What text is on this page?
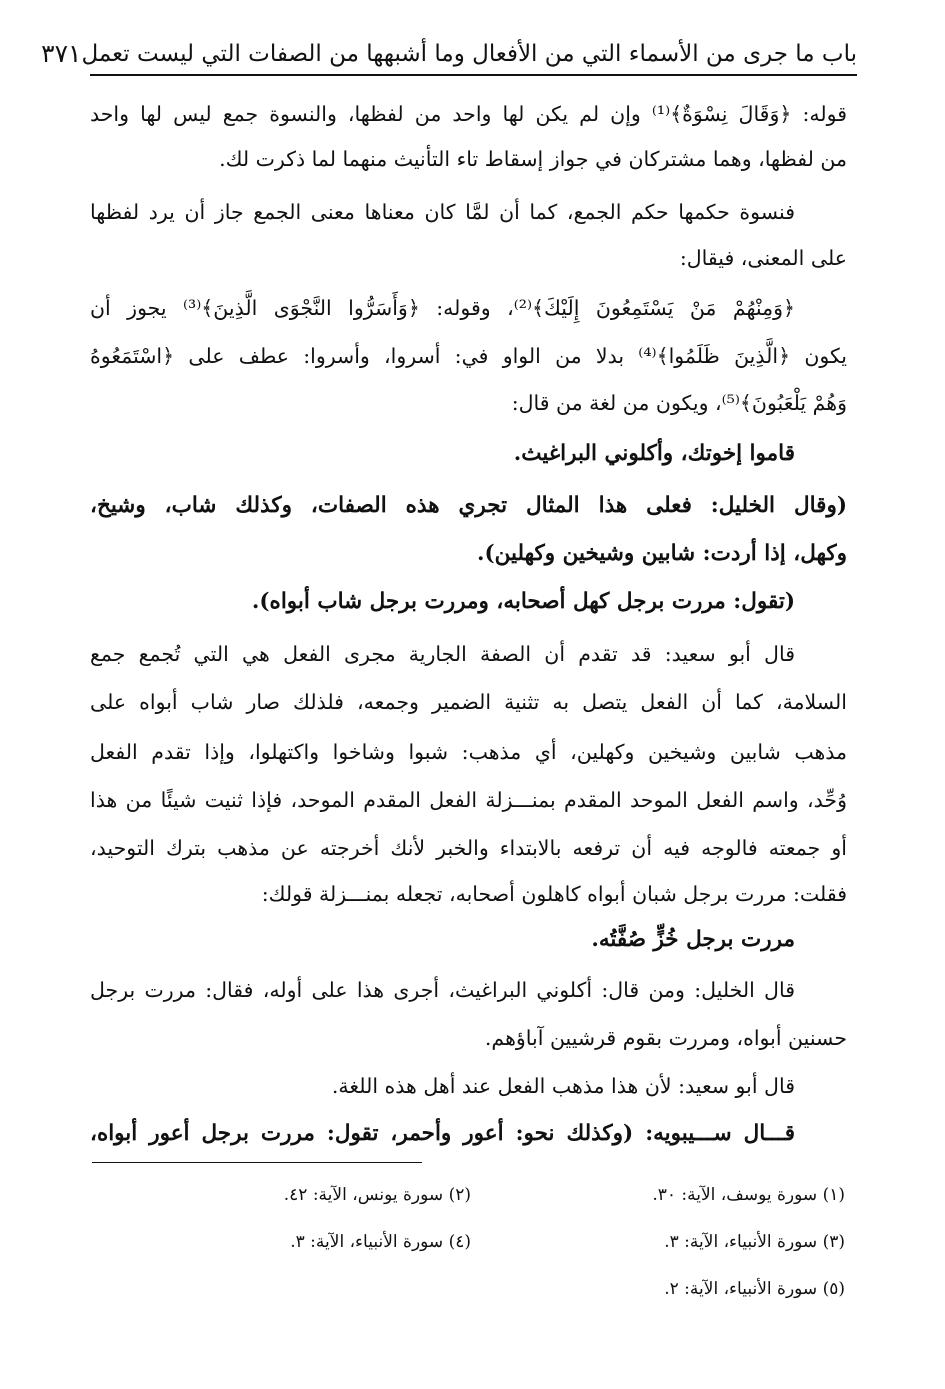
باب ما جرى من الأسماء التي من الأفعال وما أشبهها من الصفات التي ليست تعمل
٣٧١
قوله: ﴿وَقَالَ نِسْوَةٌ﴾⁽¹⁾ وإن لم يكن لها واحد من لفظها، والنسوة جمع ليس لها واحد
من لفظها، وهما مشتركان في جواز إسقاط تاء التأنيث منهما لما ذكرت لك.
فنسوة حكمها حكم الجمع، كما أن لمَّا كان معناها معنى الجمع جاز أن يرد لفظها
على المعنى، فيقال:
﴿وَمِنْهُمْ مَنْ يَسْتَمِعُونَ إِلَيْكَ﴾⁽²⁾، وقوله: ﴿وَأَسَرُّوا النَّجْوَى الَّذِينَ﴾⁽³⁾ يجوز أن
يكون ﴿الَّذِينَ ظَلَمُوا﴾⁽⁴⁾ بدلا من الواو في: أسروا، وأسروا: عطف على ﴿اسْتَمَعُوهُ
وَهُمْ يَلْعَبُونَ﴾⁽⁵⁾، ويكون من لغة من قال:
قاموا إخوتك، وأكلوني البراغيث.
(وقال الخليل: فعلى هذا المثال تجري هذه الصفات، وكذلك شاب، وشيخ،
وكهل، إذا أردت: شابين وشيخين وكهلين).
(تقول: مررت برجل كهل أصحابه، ومررت برجل شاب أبواه).
قال أبو سعيد: قد تقدم أن الصفة الجارية مجرى الفعل هي التي تُجمع جمع
السلامة، كما أن الفعل يتصل به تثنية الضمير وجمعه، فلذلك صار شاب أبواه على
مذهب شابين وشيخين وكهلين، أي مذهب: شبوا وشاخوا واكتهلوا، وإذا تقدم الفعل
وُحِّد، واسم الفعل الموحد المقدم بمنـــزلة الفعل المقدم الموحد، فإذا ثنيت شيئًا من هذا
أو جمعته فالوجه فيه أن ترفعه بالابتداء والخبر لأنك أخرجته عن مذهب بترك التوحيد،
فقلت: مررت برجل شبان أبواه كاهلون أصحابه، تجعله بمنـــزلة قولك:
مررت برجل خُزٍّ صُفَّتُه.
قال الخليل: ومن قال: أكلوني البراغيث، أجرى هذا على أوله، فقال: مررت برجل
حسنين أبواه، ومررت بقوم قرشيين آباؤهم.
قال أبو سعيد: لأن هذا مذهب الفعل عند أهل هذه اللغة.
قـــال ســـيبويه: (وكذلك نحو: أعور وأحمر، تقول: مررت برجل أعور أبواه،
(١) سورة يوسف، الآية: ٣٠.
(٢) سورة يونس، الآية: ٤٢.
(٣) سورة الأنبياء، الآية: ٣.
(٤) سورة الأنبياء، الآية: ٣.
(٥) سورة الأنبياء، الآية: ٢.
